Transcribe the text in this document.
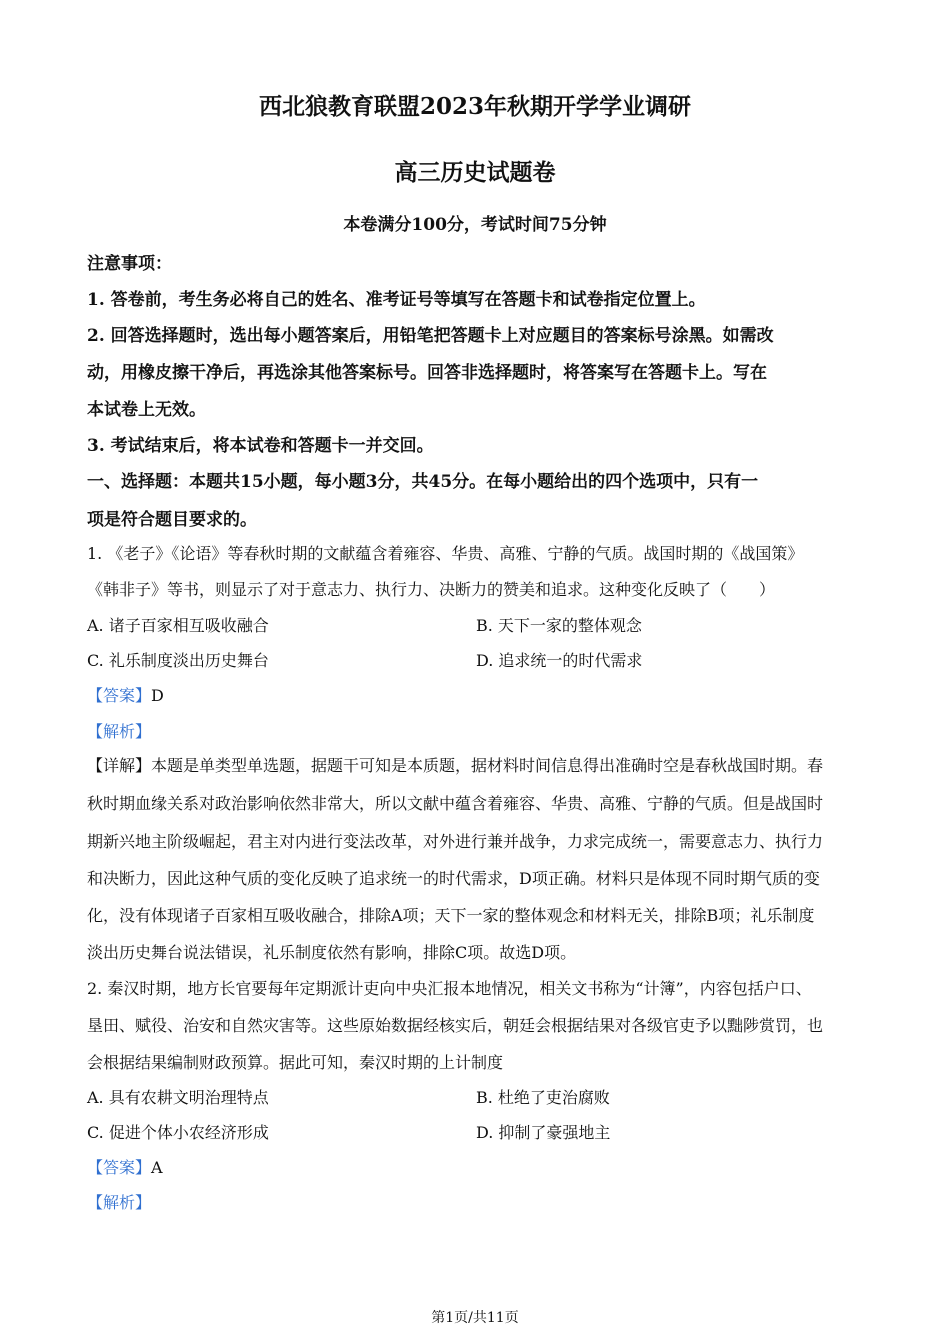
西北狼教育联盟2023年秋期开学学业调研
高三历史试题卷
本卷满分100分，考试时间75分钟
注意事项：
1. 答卷前，考生务必将自己的姓名、准考证号等填写在答题卡和试卷指定位置上。
2. 回答选择题时，选出每小题答案后，用铅笔把答题卡上对应题目的答案标号涂黑。如需改
动，用橡皮擦干净后，再选涂其他答案标号。回答非选择题时，将答案写在答题卡上。写在
本试卷上无效。
3. 考试结束后，将本试卷和答题卡一并交回。
一、选择题：本题共15小题，每小题3分，共45分。在每小题给出的四个选项中，只有一
项是符合题目要求的。
1. 《老子》《论语》等春秋时期的文献蕴含着雍容、华贵、高雅、宁静的气质。战国时期的《战国策》
《韩非子》等书，则显示了对于意志力、执行力、决断力的赞美和追求。这种变化反映了（　　）
A. 诸子百家相互吸收融合	B. 天下一家的整体观念
C. 礼乐制度淡出历史舞台	D. 追求统一的时代需求
【答案】D
【解析】
【详解】本题是单类型单选题，据题干可知是本质题，据材料时间信息得出准确时空是春秋战国时期。春
秋时期血缘关系对政治影响依然非常大，所以文献中蕴含着雍容、华贵、高雅、宁静的气质。但是战国时
期新兴地主阶级崛起，君主对内进行变法改革，对外进行兼并战争，力求完成统一，需要意志力、执行力
和决断力，因此这种气质的变化反映了追求统一的时代需求，D项正确。材料只是体现不同时期气质的变
化，没有体现诸子百家相互吸收融合，排除A项；天下一家的整体观念和材料无关，排除B项；礼乐制度
淡出历史舞台说法错误，礼乐制度依然有影响，排除C项。故选D项。
2. 秦汉时期，地方长官要每年定期派计吏向中央汇报本地情况，相关文书称为“计簿”，内容包括户口、
垦田、赋役、治安和自然灾害等。这些原始数据经核实后，朝廷会根据结果对各级官吏予以黜陟赏罚，也
会根据结果编制财政预算。据此可知，秦汉时期的上计制度
A. 具有农耕文明治理特点	B. 杜绝了吏治腐败
C. 促进个体小农经济形成	D. 抑制了豪强地主
【答案】A
【解析】
第1页/共11页
